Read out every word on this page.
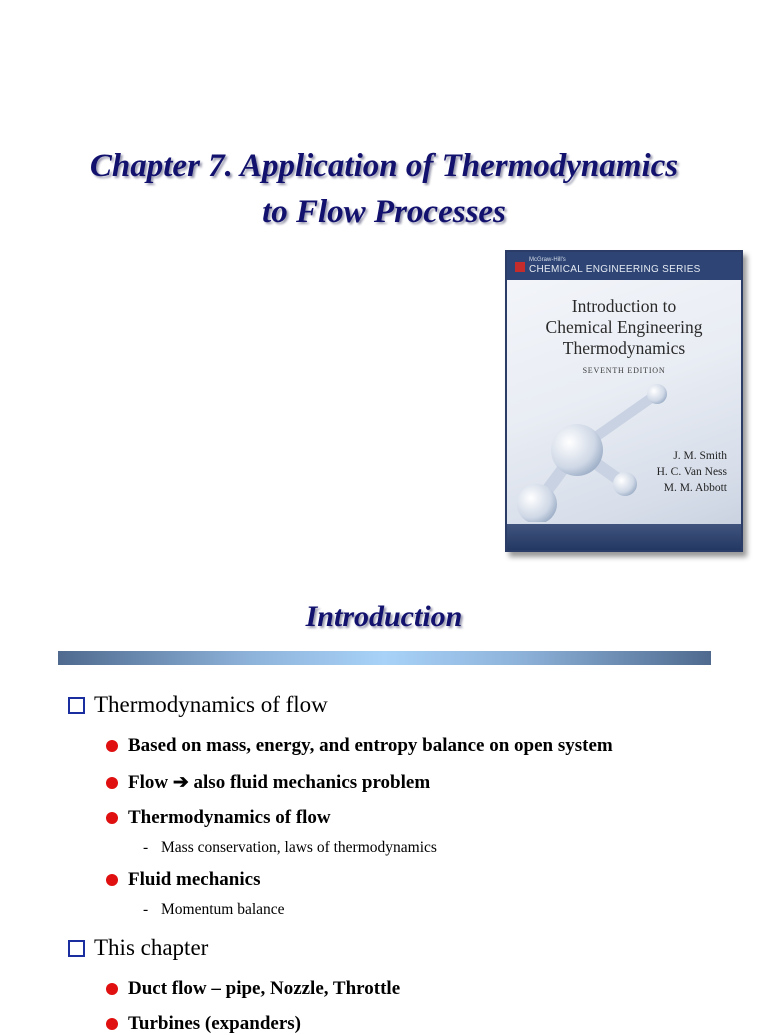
Chapter 7. Application of Thermodynamics
to Flow Processes
McGraw-Hill's
CHEMICAL ENGINEERING SERIES
Introduction to
Chemical Engineering
Thermodynamics
SEVENTH EDITION
J. M. Smith
H. C. Van Ness
M. M. Abbott
Introduction
Thermodynamics of flow
Based on mass, energy, and entropy balance on open system
Flow ➔ also fluid mechanics problem
Thermodynamics of flow
- Mass conservation, laws of thermodynamics
Fluid mechanics
- Momentum balance
This chapter
Duct flow – pipe, Nozzle, Throttle
Turbines (expanders)
